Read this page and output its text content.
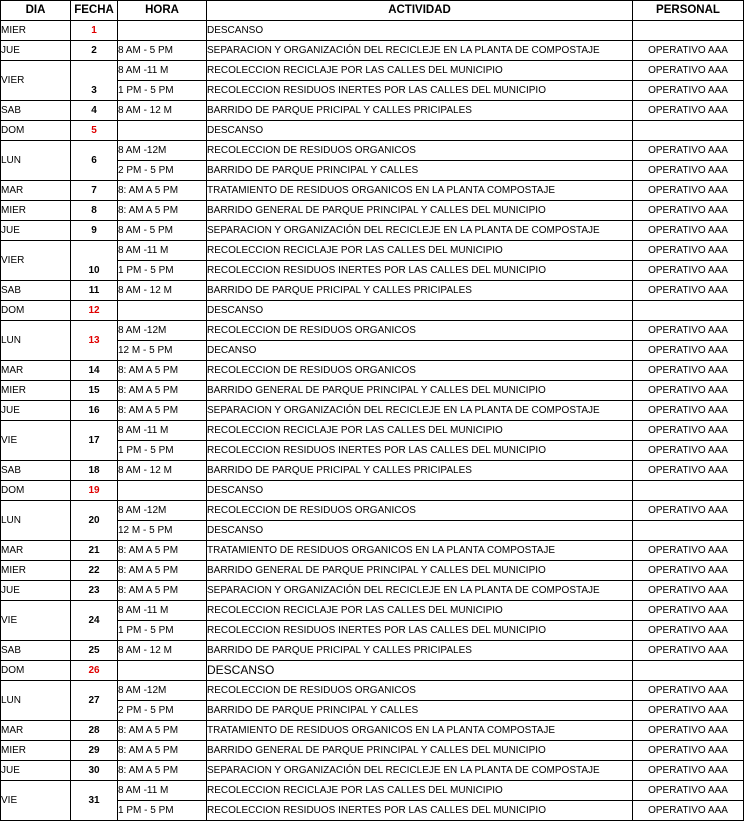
DIA	FECHA	HORA	ACTIVIDAD	PERSONAL
MIER	1		DESCANSO	
JUE	2	8 AM - 5 PM	SEPARACION Y ORGANIZACIÓN DEL RECICLEJE EN LA PLANTA DE COMPOSTAJE	OPERATIVO AAA
VIER	3	8 AM -11 M	RECOLECCION RECICLAJE POR LAS CALLES DEL MUNICIPIO	OPERATIVO AAA
		1 PM - 5 PM	RECOLECCION RESIDUOS INERTES POR LAS CALLES DEL MUNICIPIO	OPERATIVO AAA
SAB	4	8 AM - 12 M	BARRIDO DE PARQUE PRICIPAL Y CALLES PRICIPALES	OPERATIVO AAA
DOM	5		DESCANSO	
LUN	6	8 AM -12M	RECOLECCION DE RESIDUOS ORGANICOS	OPERATIVO AAA
		2 PM - 5 PM	BARRIDO DE PARQUE PRINCIPAL Y CALLES	OPERATIVO AAA
MAR	7	8: AM A 5 PM	TRATAMIENTO DE RESIDUOS ORGANICOS EN LA PLANTA COMPOSTAJE	OPERATIVO AAA
MIER	8	8: AM A 5 PM	BARRIDO GENERAL DE PARQUE PRINCIPAL Y CALLES DEL MUNICIPIO	OPERATIVO AAA
JUE	9	8 AM - 5 PM	SEPARACION Y ORGANIZACIÓN DEL RECICLEJE EN LA PLANTA DE COMPOSTAJE	OPERATIVO AAA
VIER	10	8 AM -11 M	RECOLECCION RECICLAJE POR LAS CALLES DEL MUNICIPIO	OPERATIVO AAA
		1 PM - 5 PM	RECOLECCION RESIDUOS INERTES POR LAS CALLES DEL MUNICIPIO	OPERATIVO AAA
SAB	11	8 AM - 12 M	BARRIDO DE PARQUE PRICIPAL Y CALLES PRICIPALES	OPERATIVO AAA
DOM	12		DESCANSO	
LUN	13	8 AM -12M	RECOLECCION DE RESIDUOS ORGANICOS	OPERATIVO AAA
		12 M - 5 PM	DECANSO	OPERATIVO AAA
MAR	14	8: AM A 5 PM	RECOLECCION DE RESIDUOS ORGANICOS	OPERATIVO AAA
MIER	15	8: AM A 5 PM	BARRIDO GENERAL DE PARQUE PRINCIPAL Y CALLES DEL MUNICIPIO	OPERATIVO AAA
JUE	16	8: AM A 5 PM	SEPARACION Y ORGANIZACIÓN DEL RECICLEJE EN LA PLANTA DE COMPOSTAJE	OPERATIVO AAA
VIE	17	8 AM -11 M	RECOLECCION RECICLAJE POR LAS CALLES DEL MUNICIPIO	OPERATIVO AAA
		1 PM - 5 PM	RECOLECCION RESIDUOS INERTES POR LAS CALLES DEL MUNICIPIO	OPERATIVO AAA
SAB	18	8 AM - 12 M	BARRIDO DE PARQUE PRICIPAL Y CALLES PRICIPALES	OPERATIVO AAA
DOM	19		DESCANSO	
LUN	20	8 AM -12M	RECOLECCION DE RESIDUOS ORGANICOS	OPERATIVO AAA
		12 M - 5 PM	DESCANSO	
MAR	21	8: AM A 5 PM	TRATAMIENTO DE RESIDUOS ORGANICOS EN LA PLANTA COMPOSTAJE	OPERATIVO AAA
MIER	22	8: AM A 5 PM	BARRIDO GENERAL DE PARQUE PRINCIPAL Y CALLES DEL MUNICIPIO	OPERATIVO AAA
JUE	23	8: AM A 5 PM	SEPARACION Y ORGANIZACIÓN DEL RECICLEJE EN LA PLANTA DE COMPOSTAJE	OPERATIVO AAA
VIE	24	8 AM -11 M	RECOLECCION RECICLAJE POR LAS CALLES DEL MUNICIPIO	OPERATIVO AAA
		1 PM - 5 PM	RECOLECCION RESIDUOS INERTES POR LAS CALLES DEL MUNICIPIO	OPERATIVO AAA
SAB	25	8 AM - 12 M	BARRIDO DE PARQUE PRICIPAL Y CALLES PRICIPALES	OPERATIVO AAA
DOM	26		DESCANSO	
LUN	27	8 AM -12M	RECOLECCION DE RESIDUOS ORGANICOS	OPERATIVO AAA
		2 PM - 5 PM	BARRIDO DE PARQUE PRINCIPAL Y CALLES	OPERATIVO AAA
MAR	28	8: AM A 5 PM	TRATAMIENTO DE RESIDUOS ORGANICOS EN LA PLANTA COMPOSTAJE	OPERATIVO AAA
MIER	29	8: AM A 5 PM	BARRIDO GENERAL DE PARQUE PRINCIPAL Y CALLES DEL MUNICIPIO	OPERATIVO AAA
JUE	30	8: AM A 5 PM	SEPARACION Y ORGANIZACIÓN DEL RECICLEJE EN LA PLANTA DE COMPOSTAJE	OPERATIVO AAA
VIE	31	8 AM -11 M	RECOLECCION RECICLAJE POR LAS CALLES DEL MUNICIPIO	OPERATIVO AAA
		1 PM - 5 PM	RECOLECCION RESIDUOS INERTES POR LAS CALLES DEL MUNICIPIO	OPERATIVO AAA
